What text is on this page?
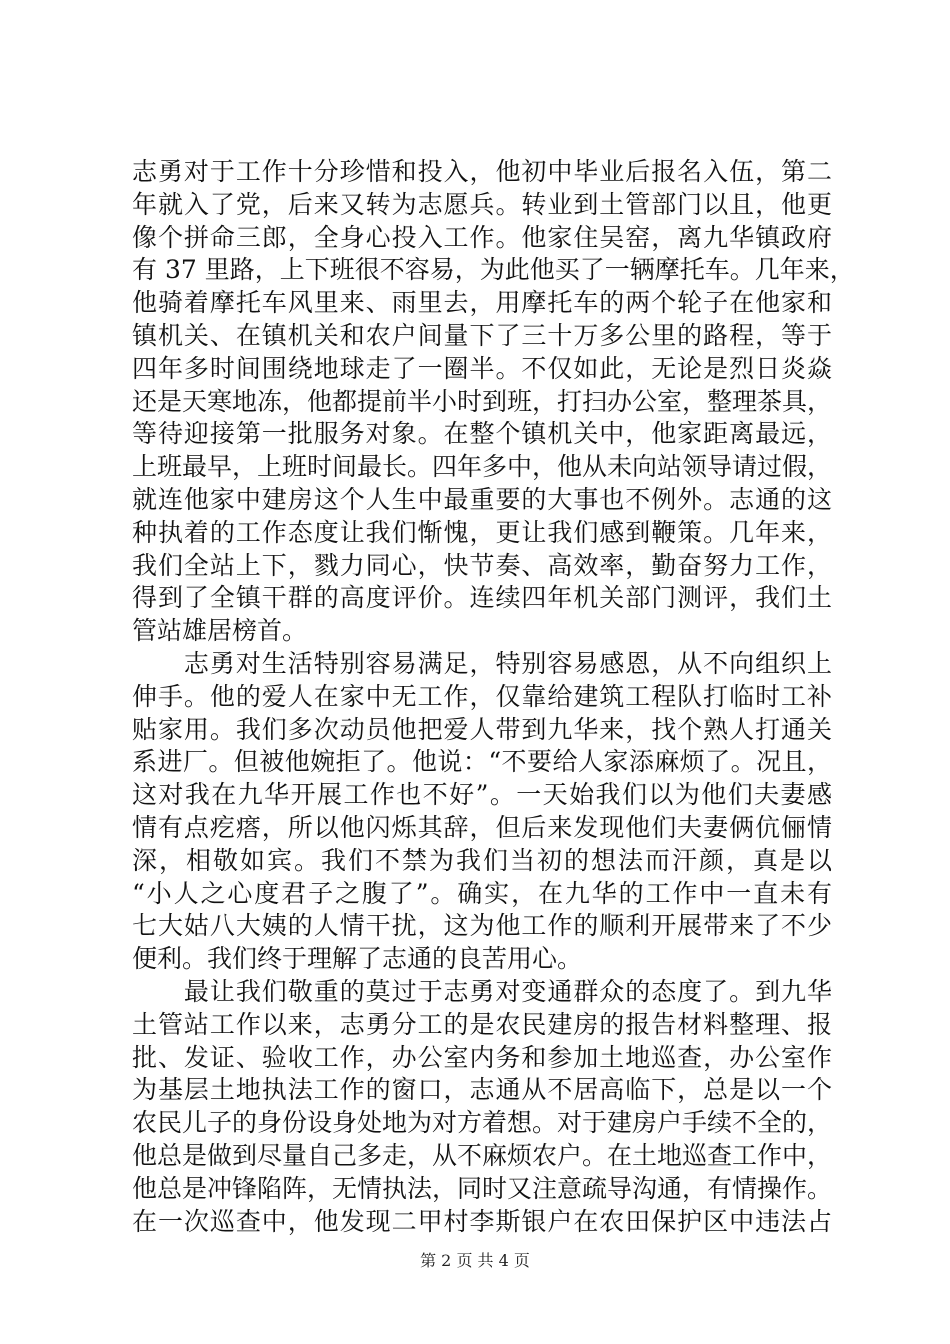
志勇对于工作十分珍惜和投入，他初中毕业后报名入伍，第二
年就入了党，后来又转为志愿兵。转业到土管部门以且，他更
像个拼命三郎，全身心投入工作。他家住吴窑，离九华镇政府
有 37 里路，上下班很不容易，为此他买了一辆摩托车。几年来，
他骑着摩托车风里来、雨里去，用摩托车的两个轮子在他家和
镇机关、在镇机关和农户间量下了三十万多公里的路程，等于
四年多时间围绕地球走了一圈半。不仅如此，无论是烈日炎焱
还是天寒地冻，他都提前半小时到班，打扫办公室，整理茶具，
等待迎接第一批服务对象。在整个镇机关中，他家距离最远，
上班最早，上班时间最长。四年多中，他从未向站领导请过假，
就连他家中建房这个人生中最重要的大事也不例外。志通的这
种执着的工作态度让我们惭愧，更让我们感到鞭策。几年来，
我们全站上下，戮力同心，快节奏、高效率，勤奋努力工作，
得到了全镇干群的高度评价。连续四年机关部门测评，我们土
管站雄居榜首。
　　志勇对生活特别容易满足，特别容易感恩，从不向组织上
伸手。他的爱人在家中无工作，仅靠给建筑工程队打临时工补
贴家用。我们多次动员他把爱人带到九华来，找个熟人打通关
系进厂。但被他婉拒了。他说：“不要给人家添麻烦了。况且，
这对我在九华开展工作也不好”。一天始我们以为他们夫妻感
情有点疙瘩，所以他闪烁其辞，但后来发现他们夫妻俩伉俪情
深，相敬如宾。我们不禁为我们当初的想法而汗颜，真是以
“小人之心度君子之腹了”。确实，在九华的工作中一直未有
七大姑八大姨的人情干扰，这为他工作的顺利开展带来了不少
便利。我们终于理解了志通的良苦用心。
　　最让我们敬重的莫过于志勇对变通群众的态度了。到九华
土管站工作以来，志勇分工的是农民建房的报告材料整理、报
批、发证、验收工作，办公室内务和参加土地巡查，办公室作
为基层土地执法工作的窗口，志通从不居高临下，总是以一个
农民儿子的身份设身处地为对方着想。对于建房户手续不全的，
他总是做到尽量自己多走，从不麻烦农户。在土地巡查工作中，
他总是冲锋陷阵，无情执法，同时又注意疏导沟通，有情操作。
在一次巡查中，他发现二甲村李斯银户在农田保护区中违法占
第 2 页 共 4 页
